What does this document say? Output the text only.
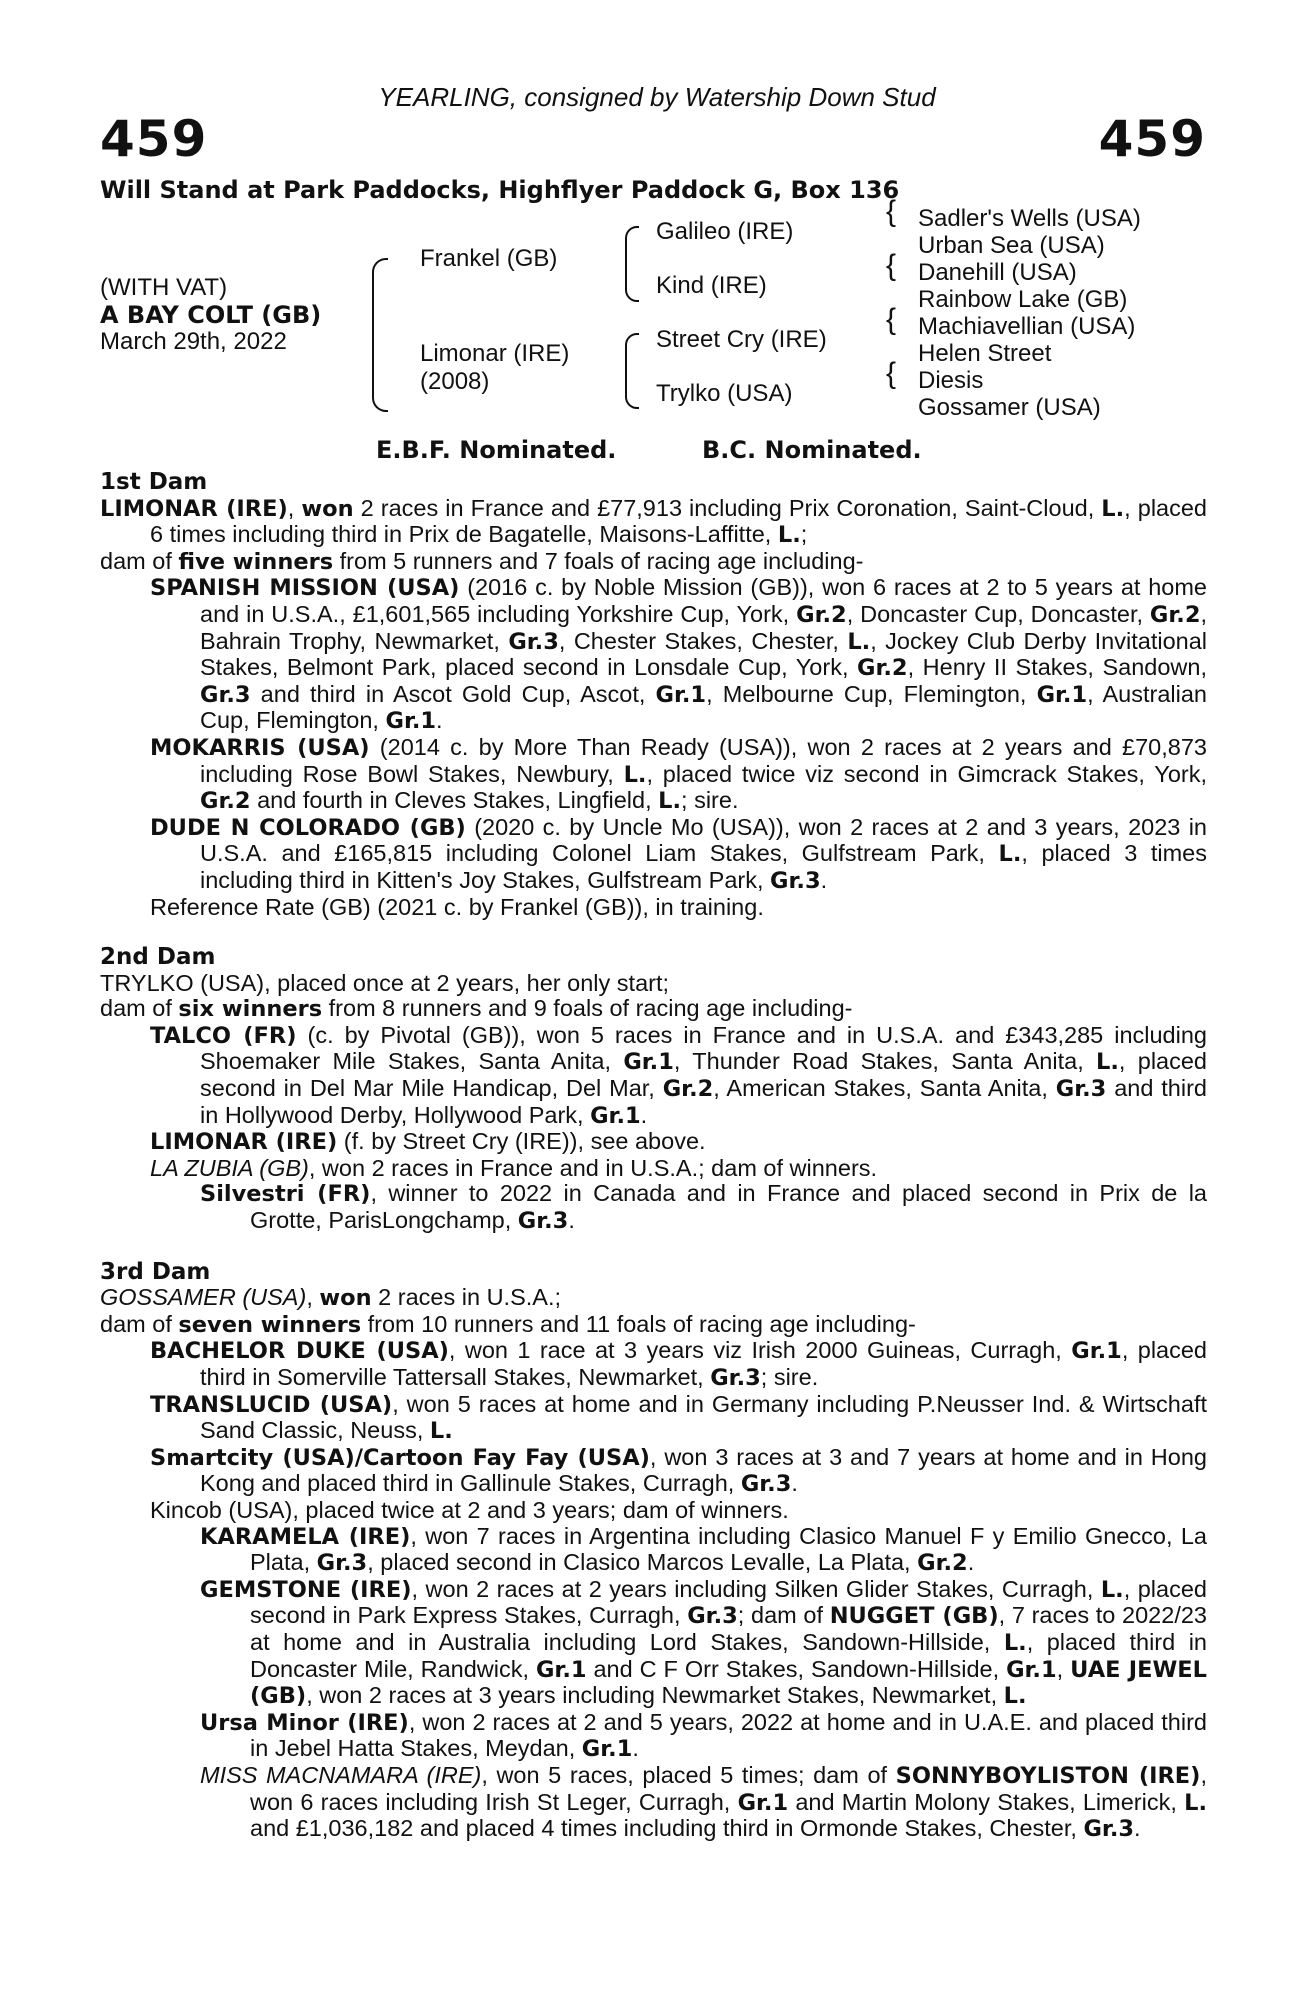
YEARLING, consigned by Watership Down Stud
459	459
Will Stand at Park Paddocks, Highflyer Paddock G, Box 136
(WITH VAT)
A BAY COLT (GB)
March 29th, 2022
Frankel (GB)
Limonar (IRE)
(2008)
Galileo (IRE)
Kind (IRE)
Street Cry (IRE)
Trylko (USA)
{
{
{
{
Sadler's Wells (USA)
Urban Sea (USA)
Danehill (USA)
Rainbow Lake (GB)
Machiavellian (USA)
Helen Street
Diesis
Gossamer (USA)
E.B.F. Nominated.	B.C. Nominated.
1st Dam

LIMONAR (IRE), won 2 races in France and £77,913 including Prix Coronation, Saint-Cloud, L., placed 6 times including third in Prix de Bagatelle, Maisons-Laffitte, L.;

dam of five winners from 5 runners and 7 foals of racing age including-

SPANISH MISSION (USA) (2016 c. by Noble Mission (GB)), won 6 races at 2 to 5 years at home and in U.S.A., £1,601,565 including Yorkshire Cup, York, Gr.2, Doncaster Cup, Doncaster, Gr.2, Bahrain Trophy, Newmarket, Gr.3, Chester Stakes, Chester, L., Jockey Club Derby Invitational Stakes, Belmont Park, placed second in Lonsdale Cup, York, Gr.2, Henry II Stakes, Sandown, Gr.3 and third in Ascot Gold Cup, Ascot, Gr.1, Melbourne Cup, Flemington, Gr.1, Australian Cup, Flemington, Gr.1.

MOKARRIS (USA) (2014 c. by More Than Ready (USA)), won 2 races at 2 years and £70,873 including Rose Bowl Stakes, Newbury, L., placed twice viz second in Gimcrack Stakes, York, Gr.2 and fourth in Cleves Stakes, Lingfield, L.; sire.

DUDE N COLORADO (GB) (2020 c. by Uncle Mo (USA)), won 2 races at 2 and 3 years, 2023 in U.S.A. and £165,815 including Colonel Liam Stakes, Gulfstream Park, L., placed 3 times including third in Kitten's Joy Stakes, Gulfstream Park, Gr.3.

Reference Rate (GB) (2021 c. by Frankel (GB)), in training.

2nd Dam

TRYLKO (USA), placed once at 2 years, her only start;

dam of six winners from 8 runners and 9 foals of racing age including-

TALCO (FR) (c. by Pivotal (GB)), won 5 races in France and in U.S.A. and £343,285 including Shoemaker Mile Stakes, Santa Anita, Gr.1, Thunder Road Stakes, Santa Anita, L., placed second in Del Mar Mile Handicap, Del Mar, Gr.2, American Stakes, Santa Anita, Gr.3 and third in Hollywood Derby, Hollywood Park, Gr.1.

LIMONAR (IRE) (f. by Street Cry (IRE)), see above.

LA ZUBIA (GB), won 2 races in France and in U.S.A.; dam of winners.

Silvestri (FR), winner to 2022 in Canada and in France and placed second in Prix de la Grotte, ParisLongchamp, Gr.3.

3rd Dam

GOSSAMER (USA), won 2 races in U.S.A.;

dam of seven winners from 10 runners and 11 foals of racing age including-

BACHELOR DUKE (USA), won 1 race at 3 years viz Irish 2000 Guineas, Curragh, Gr.1, placed third in Somerville Tattersall Stakes, Newmarket, Gr.3; sire.

TRANSLUCID (USA), won 5 races at home and in Germany including P.Neusser Ind. & Wirtschaft Sand Classic, Neuss, L.

Smartcity (USA)/Cartoon Fay Fay (USA), won 3 races at 3 and 7 years at home and in Hong Kong and placed third in Gallinule Stakes, Curragh, Gr.3.

Kincob (USA), placed twice at 2 and 3 years; dam of winners.

KARAMELA (IRE), won 7 races in Argentina including Clasico Manuel F y Emilio Gnecco, La Plata, Gr.3, placed second in Clasico Marcos Levalle, La Plata, Gr.2.

GEMSTONE (IRE), won 2 races at 2 years including Silken Glider Stakes, Curragh, L., placed second in Park Express Stakes, Curragh, Gr.3; dam of NUGGET (GB), 7 races to 2022/23 at home and in Australia including Lord Stakes, Sandown-Hillside, L., placed third in Doncaster Mile, Randwick, Gr.1 and C F Orr Stakes, Sandown-Hillside, Gr.1, UAE JEWEL (GB), won 2 races at 3 years including Newmarket Stakes, Newmarket, L.

Ursa Minor (IRE), won 2 races at 2 and 5 years, 2022 at home and in U.A.E. and placed third in Jebel Hatta Stakes, Meydan, Gr.1.

MISS MACNAMARA (IRE), won 5 races, placed 5 times; dam of SONNYBOYLISTON (IRE), won 6 races including Irish St Leger, Curragh, Gr.1 and Martin Molony Stakes, Limerick, L. and £1,036,182 and placed 4 times including third in Ormonde Stakes, Chester, Gr.3.
